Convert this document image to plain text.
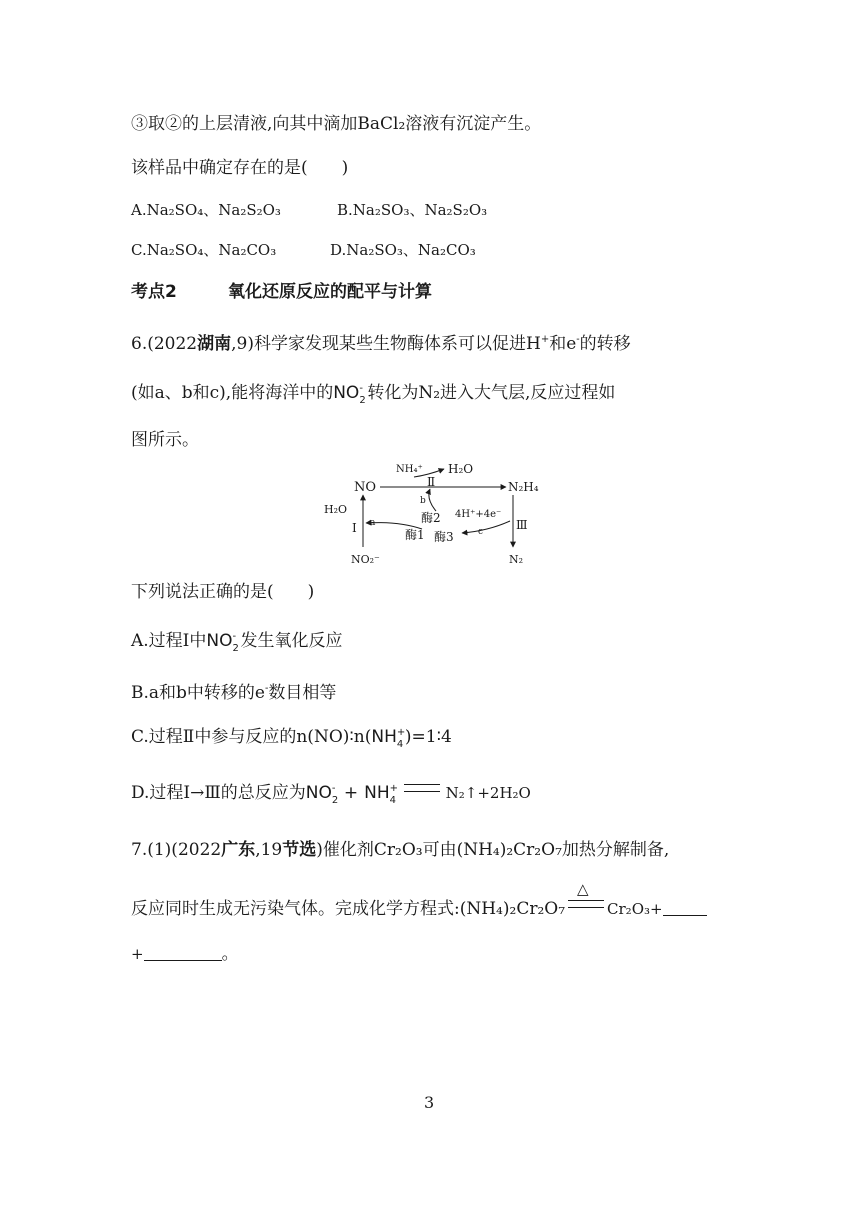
③取②的上层清液,向其中滴加BaCl₂溶液有沉淀产生。
该样品中确定存在的是(　　)
A.Na₂SO₄、Na₂S₂O₃	B.Na₂SO₃、Na₂S₂O₃
C.Na₂SO₄、Na₂CO₃	D.Na₂SO₃、Na₂CO₃
考点2	氧化还原反应的配平与计算
6.(2022湖南,9)科学家发现某些生物酶体系可以促进H+和e-的转移
(如a、b和c),能将海洋中的NO -
2 转化为N₂进入大气层,反应过程如
图所示。
NO
NH₄⁺ H₂O
Ⅱ	N₂H₄
H₂O
Ⅰ a
酶1
b
酶2 4H⁺+4e⁻
c
酶3
Ⅲ
NO₂⁻	N₂
下列说法正确的是(　　)
A.过程Ⅰ中NO -
2 发生氧化反应
B.a和b中转移的e-数目相等
C.过程Ⅱ中参与反应的n(NO)∶n(NH +
4 )=1∶4
D.过程Ⅰ→Ⅲ的总反应为NO -
2 + NH +
4	N₂↑+2H₂O
7.(1)(2022广东,19节选)催化剂Cr₂O₃可由(NH₄)₂Cr₂O₇加热分解制备,
反应同时生成无污染气体。完成化学方程式:(NH₄)₂Cr₂O₇
△
Cr₂O₃+
+	。
3
